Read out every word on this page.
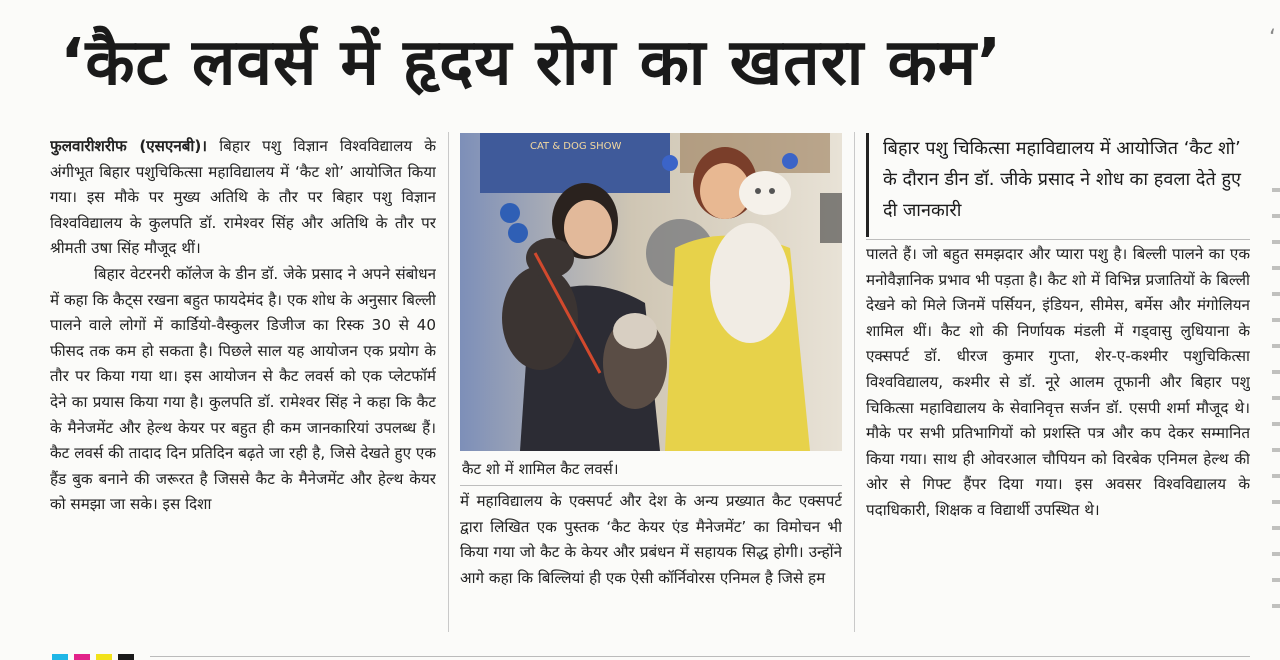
‘कैट लवर्स में हृदय रोग का खतरा कम’

फुलवारीशरीफ (एसएनबी)। बिहार पशु विज्ञान विश्वविद्यालय के अंगीभूत बिहार पशुचिकित्सा महाविद्यालय में ‘कैट शो’ आयोजित किया गया। इस मौके पर मुख्य अतिथि के तौर पर बिहार पशु विज्ञान विश्वविद्यालय के कुलपति डॉ. रामेश्वर सिंह और अतिथि के तौर पर श्रीमती उषा सिंह मौजूद थीं।

बिहार वेटरनरी कॉलेज के डीन डॉ. जेके प्रसाद ने अपने संबोधन में कहा कि कैट्स रखना बहुत फायदेमंद है। एक शोध के अनुसार बिल्ली पालने वाले लोगों में कार्डियो-वैस्कुलर डिजीज का रिस्क 30 से 40 फीसद तक कम हो सकता है। पिछले साल यह आयोजन एक प्रयोग के तौर पर किया गया था। इस आयोजन से कैट लवर्स को एक प्लेटफॉर्म देने का प्रयास किया गया है। कुलपति डॉ. रामेश्वर सिंह ने कहा कि कैट के मैनेजमेंट और हेल्थ केयर पर बहुत ही कम जानकारियां उपलब्ध हैं। कैट लवर्स की तादाद दिन प्रतिदिन बढ़ते जा रही है, जिसे देखते हुए एक हैंड बुक बनाने की जरूरत है जिससे कैट के मैनेजमेंट और हेल्थ केयर को समझा जा सके। इस दिशा

CAT & DOG SHOW
कैट शो में शामिल कैट लवर्स।

में महाविद्यालय के एक्सपर्ट और देश के अन्य प्रख्यात कैट एक्सपर्ट द्वारा लिखित एक पुस्तक ‘कैट केयर एंड मैनेजमेंट’ का विमोचन भी किया गया जो कैट के केयर और प्रबंधन में सहायक सिद्ध होगी। उन्होंने आगे कहा कि बिल्लियां ही एक ऐसी कॉर्निवोरस एनिमल है जिसे हम

बिहार पशु चिकित्सा महाविद्यालय में आयोजित ‘कैट शो’ के दौरान डीन डॉ. जीके प्रसाद ने शोध का हवला देते हुए दी जानकारी

पालते हैं। जो बहुत समझदार और प्यारा पशु है। बिल्ली पालने का एक मनोवैज्ञानिक प्रभाव भी पड़ता है। कैट शो में विभिन्न प्रजातियों के बिल्ली देखने को मिले जिनमें पर्सियन, इंडियन, सीमेस, बर्मेस और मंगोलियन शामिल थीं। कैट शो की निर्णायक मंडली में गड्वासु लुधियाना के एक्सपर्ट डॉ. धीरज कुमार गुप्ता, शेर-ए-कश्मीर पशुचिकित्सा विश्वविद्यालय, कश्मीर से डॉ. नूरे आलम तूफानी और बिहार पशु चिकित्सा महाविद्यालय के सेवानिवृत्त सर्जन डॉ. एसपी शर्मा मौजूद थे। मौके पर सभी प्रतिभागियों को प्रशस्ति पत्र और कप देकर सम्मानित किया गया। साथ ही ओवरआल चौपियन को विरबेक एनिमल हेल्थ की ओर से गिफ्ट हैंपर दिया गया। इस अवसर विश्वविद्यालय के पदाधिकारी, शिक्षक व विद्यार्थी उपस्थित थे।

‘
